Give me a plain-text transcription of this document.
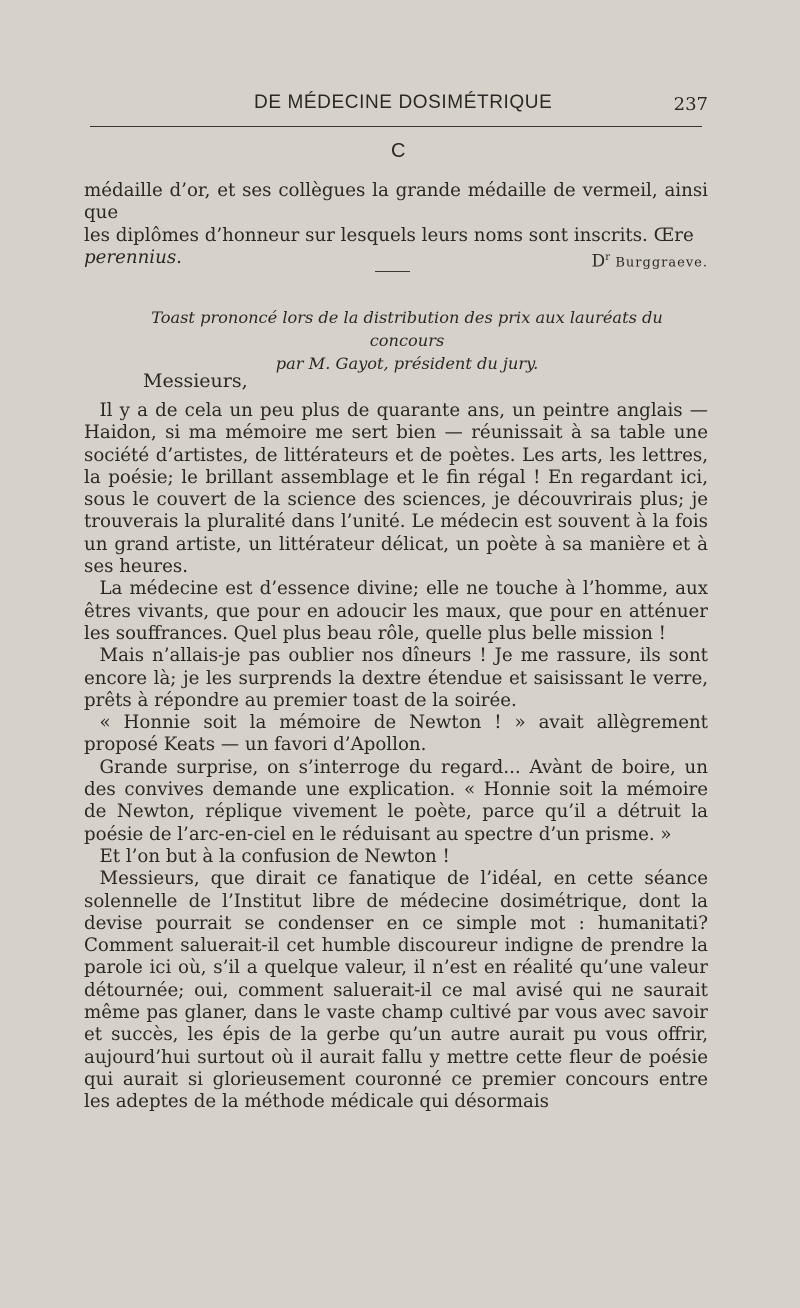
DE MÉDECINE DOSIMÉTRIQUE	237
C

médaille d’or, et ses collègues la grande médaille de vermeil, ainsi que

les diplômes d’honneur sur lesquels leurs noms sont inscrits. Œre

perennius.	$D^r$ Burggraeve.
Toast prononcé lors de la distribution des prix aux lauréats du concours
par M. Gayot, président du jury.
Messieurs,

Il y a de cela un peu plus de quarante ans, un peintre anglais — Haidon, si ma mémoire me sert bien — réunissait à sa table une société d’artistes, de littérateurs et de poètes. Les arts, les lettres, la poésie; le brillant assemblage et le fin régal ! En regardant ici, sous le couvert de la science des sciences, je découvrirais plus; je trouverais la pluralité dans l’unité. Le médecin est souvent à la fois un grand artiste, un littérateur délicat, un poète à sa manière et à ses heures.

La médecine est d’essence divine; elle ne touche à l’homme, aux êtres vivants, que pour en adoucir les maux, que pour en atténuer les souffrances. Quel plus beau rôle, quelle plus belle mission !

Mais n’allais-je pas oublier nos dîneurs ! Je me rassure, ils sont encore là; je les surprends la dextre étendue et saisissant le verre, prêts à répondre au premier toast de la soirée.

« Honnie soit la mémoire de Newton ! » avait allègrement proposé Keats — un favori d’Apollon.

Grande surprise, on s’interroge du regard... Avànt de boire, un des convives demande une explication. « Honnie soit la mémoire de Newton, réplique vivement le poète, parce qu’il a détruit la poésie de l’arc-en-ciel en le réduisant au spectre d’un prisme. »

Et l’on but à la confusion de Newton !

Messieurs, que dirait ce fanatique de l’idéal, en cette séance solennelle de l’Institut libre de médecine dosimétrique, dont la devise pourrait se condenser en ce simple mot : humanitati? Comment saluerait-il cet humble discoureur indigne de prendre la parole ici où, s’il a quelque valeur, il n’est en réalité qu’une valeur détournée; oui, comment saluerait-il ce mal avisé qui ne saurait même pas glaner, dans le vaste champ cultivé par vous avec savoir et succès, les épis de la gerbe qu’un autre aurait pu vous offrir, aujourd’hui surtout où il aurait fallu y mettre cette fleur de poésie qui aurait si glorieusement couronné ce premier concours entre les adeptes de la méthode médicale qui désormais
